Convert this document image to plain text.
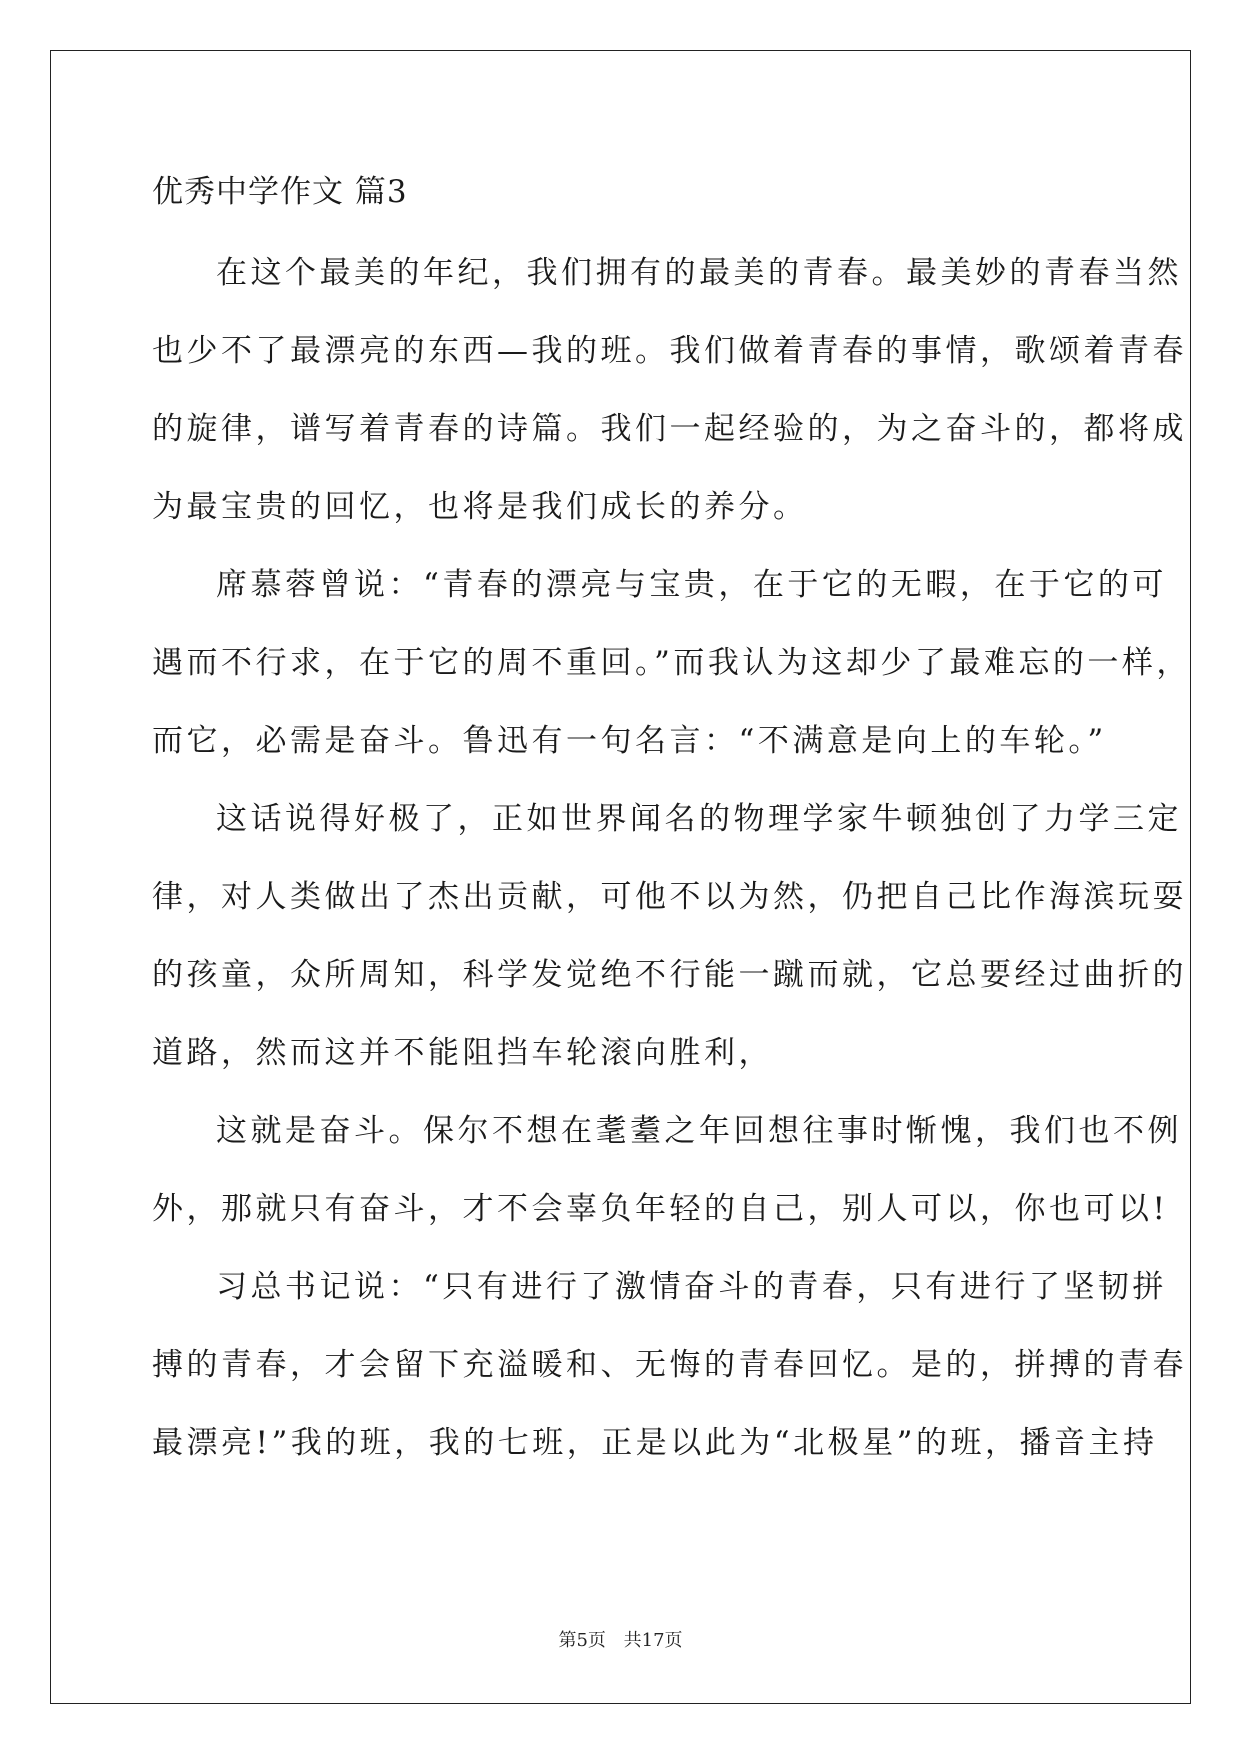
优秀中学作文 篇3

在这个最美的年纪，我们拥有的最美的青春。最美妙的青春当然

也少不了最漂亮的东西—我的班。我们做着青春的事情，歌颂着青春

的旋律，谱写着青春的诗篇。我们一起经验的，为之奋斗的，都将成

为最宝贵的回忆，也将是我们成长的养分。

席慕蓉曾说：“青春的漂亮与宝贵，在于它的无暇，在于它的可

遇而不行求，在于它的周不重回。”而我认为这却少了最难忘的一样，

而它，必需是奋斗。鲁迅有一句名言：“不满意是向上的车轮。”

这话说得好极了，正如世界闻名的物理学家牛顿独创了力学三定

律，对人类做出了杰出贡献，可他不以为然，仍把自己比作海滨玩耍

的孩童，众所周知，科学发觉绝不行能一蹴而就，它总要经过曲折的

道路，然而这并不能阻挡车轮滚向胜利，

这就是奋斗。保尔不想在耄耋之年回想往事时惭愧，我们也不例

外，那就只有奋斗，才不会辜负年轻的自己，别人可以，你也可以!

习总书记说：“只有进行了激情奋斗的青春，只有进行了坚韧拼

搏的青春，才会留下充溢暖和、无悔的青春回忆。是的，拼搏的青春

最漂亮!”我的班，我的七班，正是以此为“北极星”的班，播音主持

第5页 共17页
